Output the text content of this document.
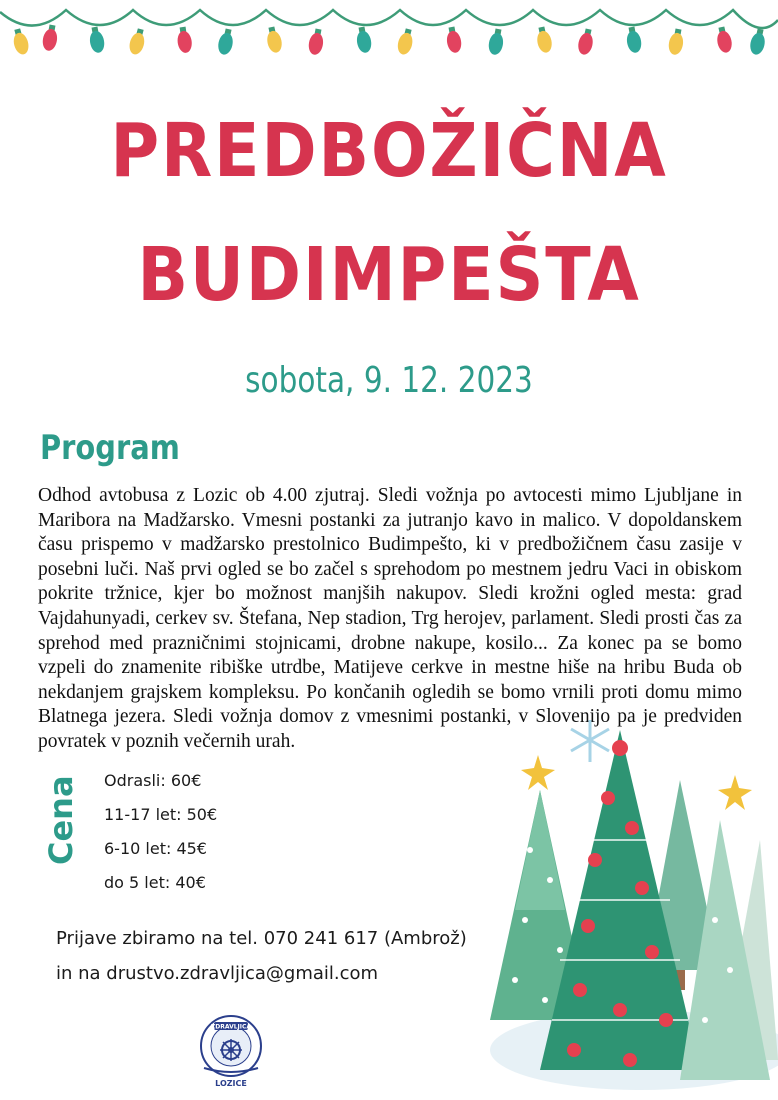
PREDBOŽIČNA
BUDIMPEŠTA
sobota, 9. 12. 2023
Program

Odhod avtobusa z Lozic ob 4.00 zjutraj. Sledi vožnja po avtocesti mimo Ljubljane in Maribora na Madžarsko. Vmesni postanki za jutranjo kavo in malico. V dopoldanskem času prispemo v madžarsko prestolnico Budimpešto, ki v predbožičnem času zasije v posebni luči. Naš prvi ogled se bo začel s sprehodom po mestnem jedru Vaci in obiskom pokrite tržnice, kjer bo možnost manjših nakupov. Sledi krožni ogled mesta: grad Vajdahunyadi, cerkev sv. Štefana, Nep stadion, Trg herojev, parlament. Sledi prosti čas za sprehod med prazničnimi stojnicami, drobne nakupe, kosilo... Za konec pa se bomo vzpeli do znamenite ribiške utrdbe, Matijeve cerkve in mestne hiše na hribu Buda ob nekdanjem grajskem kompleksu. Po končanih ogledih se bomo vrnili proti domu mimo Blatnega jezera. Sledi vožnja domov z vmesnimi postanki, v Slovenijo pa je predviden povratek v poznih večernih urah.

Cena Odrasli: 60€
11-17 let: 50€
6-10 let: 45€
do 5 let: 40€
Prijave zbiramo na tel. 070 241 617 (Ambrož)
in na drustvo.zdravljica@gmail.com
ZDRAVLJICA
LOZICE
